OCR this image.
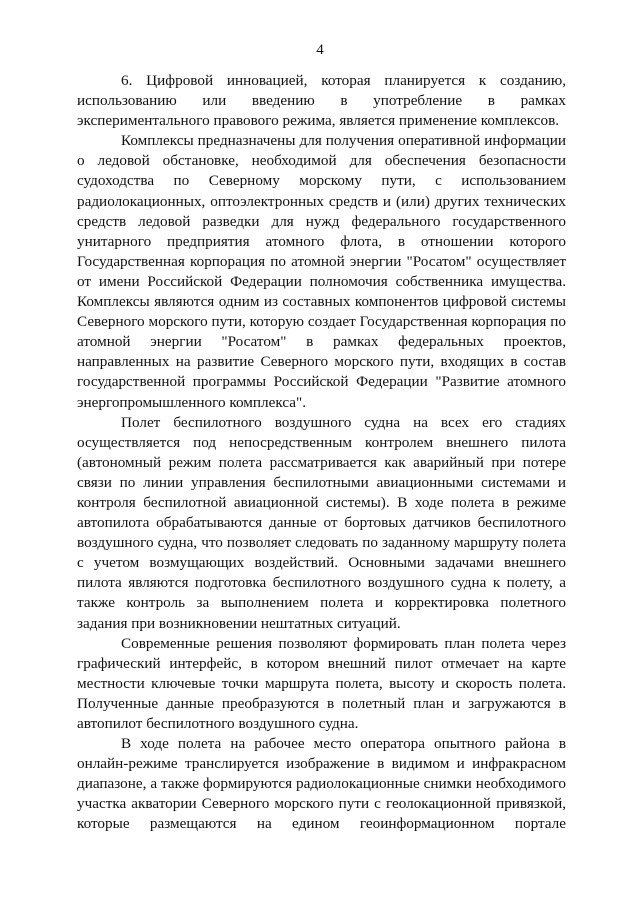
4

6. Цифровой инновацией, которая планируется к созданию, использованию или введению в употребление в рамках экспериментального правового режима, является применение комплексов.

Комплексы предназначены для получения оперативной информации о ледовой обстановке, необходимой для обеспечения безопасности судоходства по Северному морскому пути, с использованием радиолокационных, оптоэлектронных средств и (или) других технических средств ледовой разведки для нужд федерального государственного унитарного предприятия атомного флота, в отношении которого Государственная корпорация по атомной энергии "Росатом" осуществляет от имени Российской Федерации полномочия собственника имущества. Комплексы являются одним из составных компонентов цифровой системы Северного морского пути, которую создает Государственная корпорация по атомной энергии "Росатом" в рамках федеральных проектов, направленных на развитие Северного морского пути, входящих в состав государственной программы Российской Федерации "Развитие атомного энергопромышленного комплекса".

Полет беспилотного воздушного судна на всех его стадиях осуществляется под непосредственным контролем внешнего пилота (автономный режим полета рассматривается как аварийный при потере связи по линии управления беспилотными авиационными системами и контроля беспилотной авиационной системы). В ходе полета в режиме автопилота обрабатываются данные от бортовых датчиков беспилотного воздушного судна, что позволяет следовать по заданному маршруту полета с учетом возмущающих воздействий. Основными задачами внешнего пилота являются подготовка беспилотного воздушного судна к полету, а также контроль за выполнением полета и корректировка полетного задания при возникновении нештатных ситуаций.

Современные решения позволяют формировать план полета через графический интерфейс, в котором внешний пилот отмечает на карте местности ключевые точки маршрута полета, высоту и скорость полета. Полученные данные преобразуются в полетный план и загружаются в автопилот беспилотного воздушного судна.

В ходе полета на рабочее место оператора опытного района в онлайн-режиме транслируется изображение в видимом и инфракрасном диапазоне, а также формируются радиолокационные снимки необходимого участка акватории Северного морского пути с геолокационной привязкой, которые размещаются на едином геоинформационном портале
